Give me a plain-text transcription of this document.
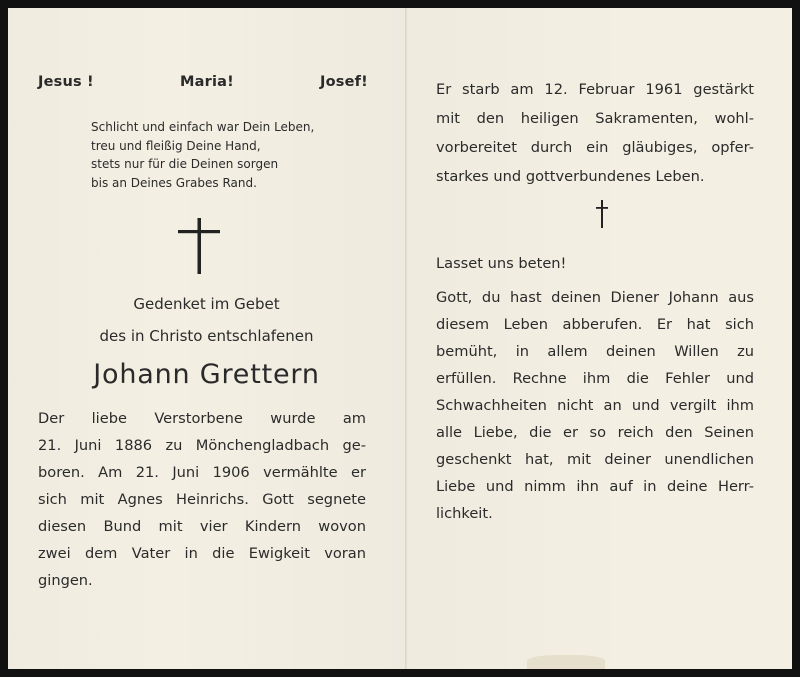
Jesus !	Maria!	Josef!
Schlicht und einfach war Dein Leben,
treu und fleißig Deine Hand,
stets nur für die Deinen sorgen
bis an Deines Grabes Rand.
Gedenket im Gebet
des in Christo entschlafenen
Johann Grettern
Der liebe Verstorbene wurde am
21. Juni 1886 zu Mönchengladbach ge-
boren. Am 21. Juni 1906 vermählte er
sich mit Agnes Heinrichs. Gott segnete
diesen Bund mit vier Kindern wovon
zwei dem Vater in die Ewigkeit voran
gingen.
Er starb am 12. Februar 1961 gestärkt
mit den heiligen Sakramenten, wohl-
vorbereitet durch ein gläubiges, opfer-
starkes und gottverbundenes Leben.
Lasset uns beten!
Gott, du hast deinen Diener Johann aus
diesem Leben abberufen. Er hat sich
bemüht, in allem deinen Willen zu
erfüllen. Rechne ihm die Fehler und
Schwachheiten nicht an und vergilt ihm
alle Liebe, die er so reich den Seinen
geschenkt hat, mit deiner unendlichen
Liebe und nimm ihn auf in deine Herr-
lichkeit.
